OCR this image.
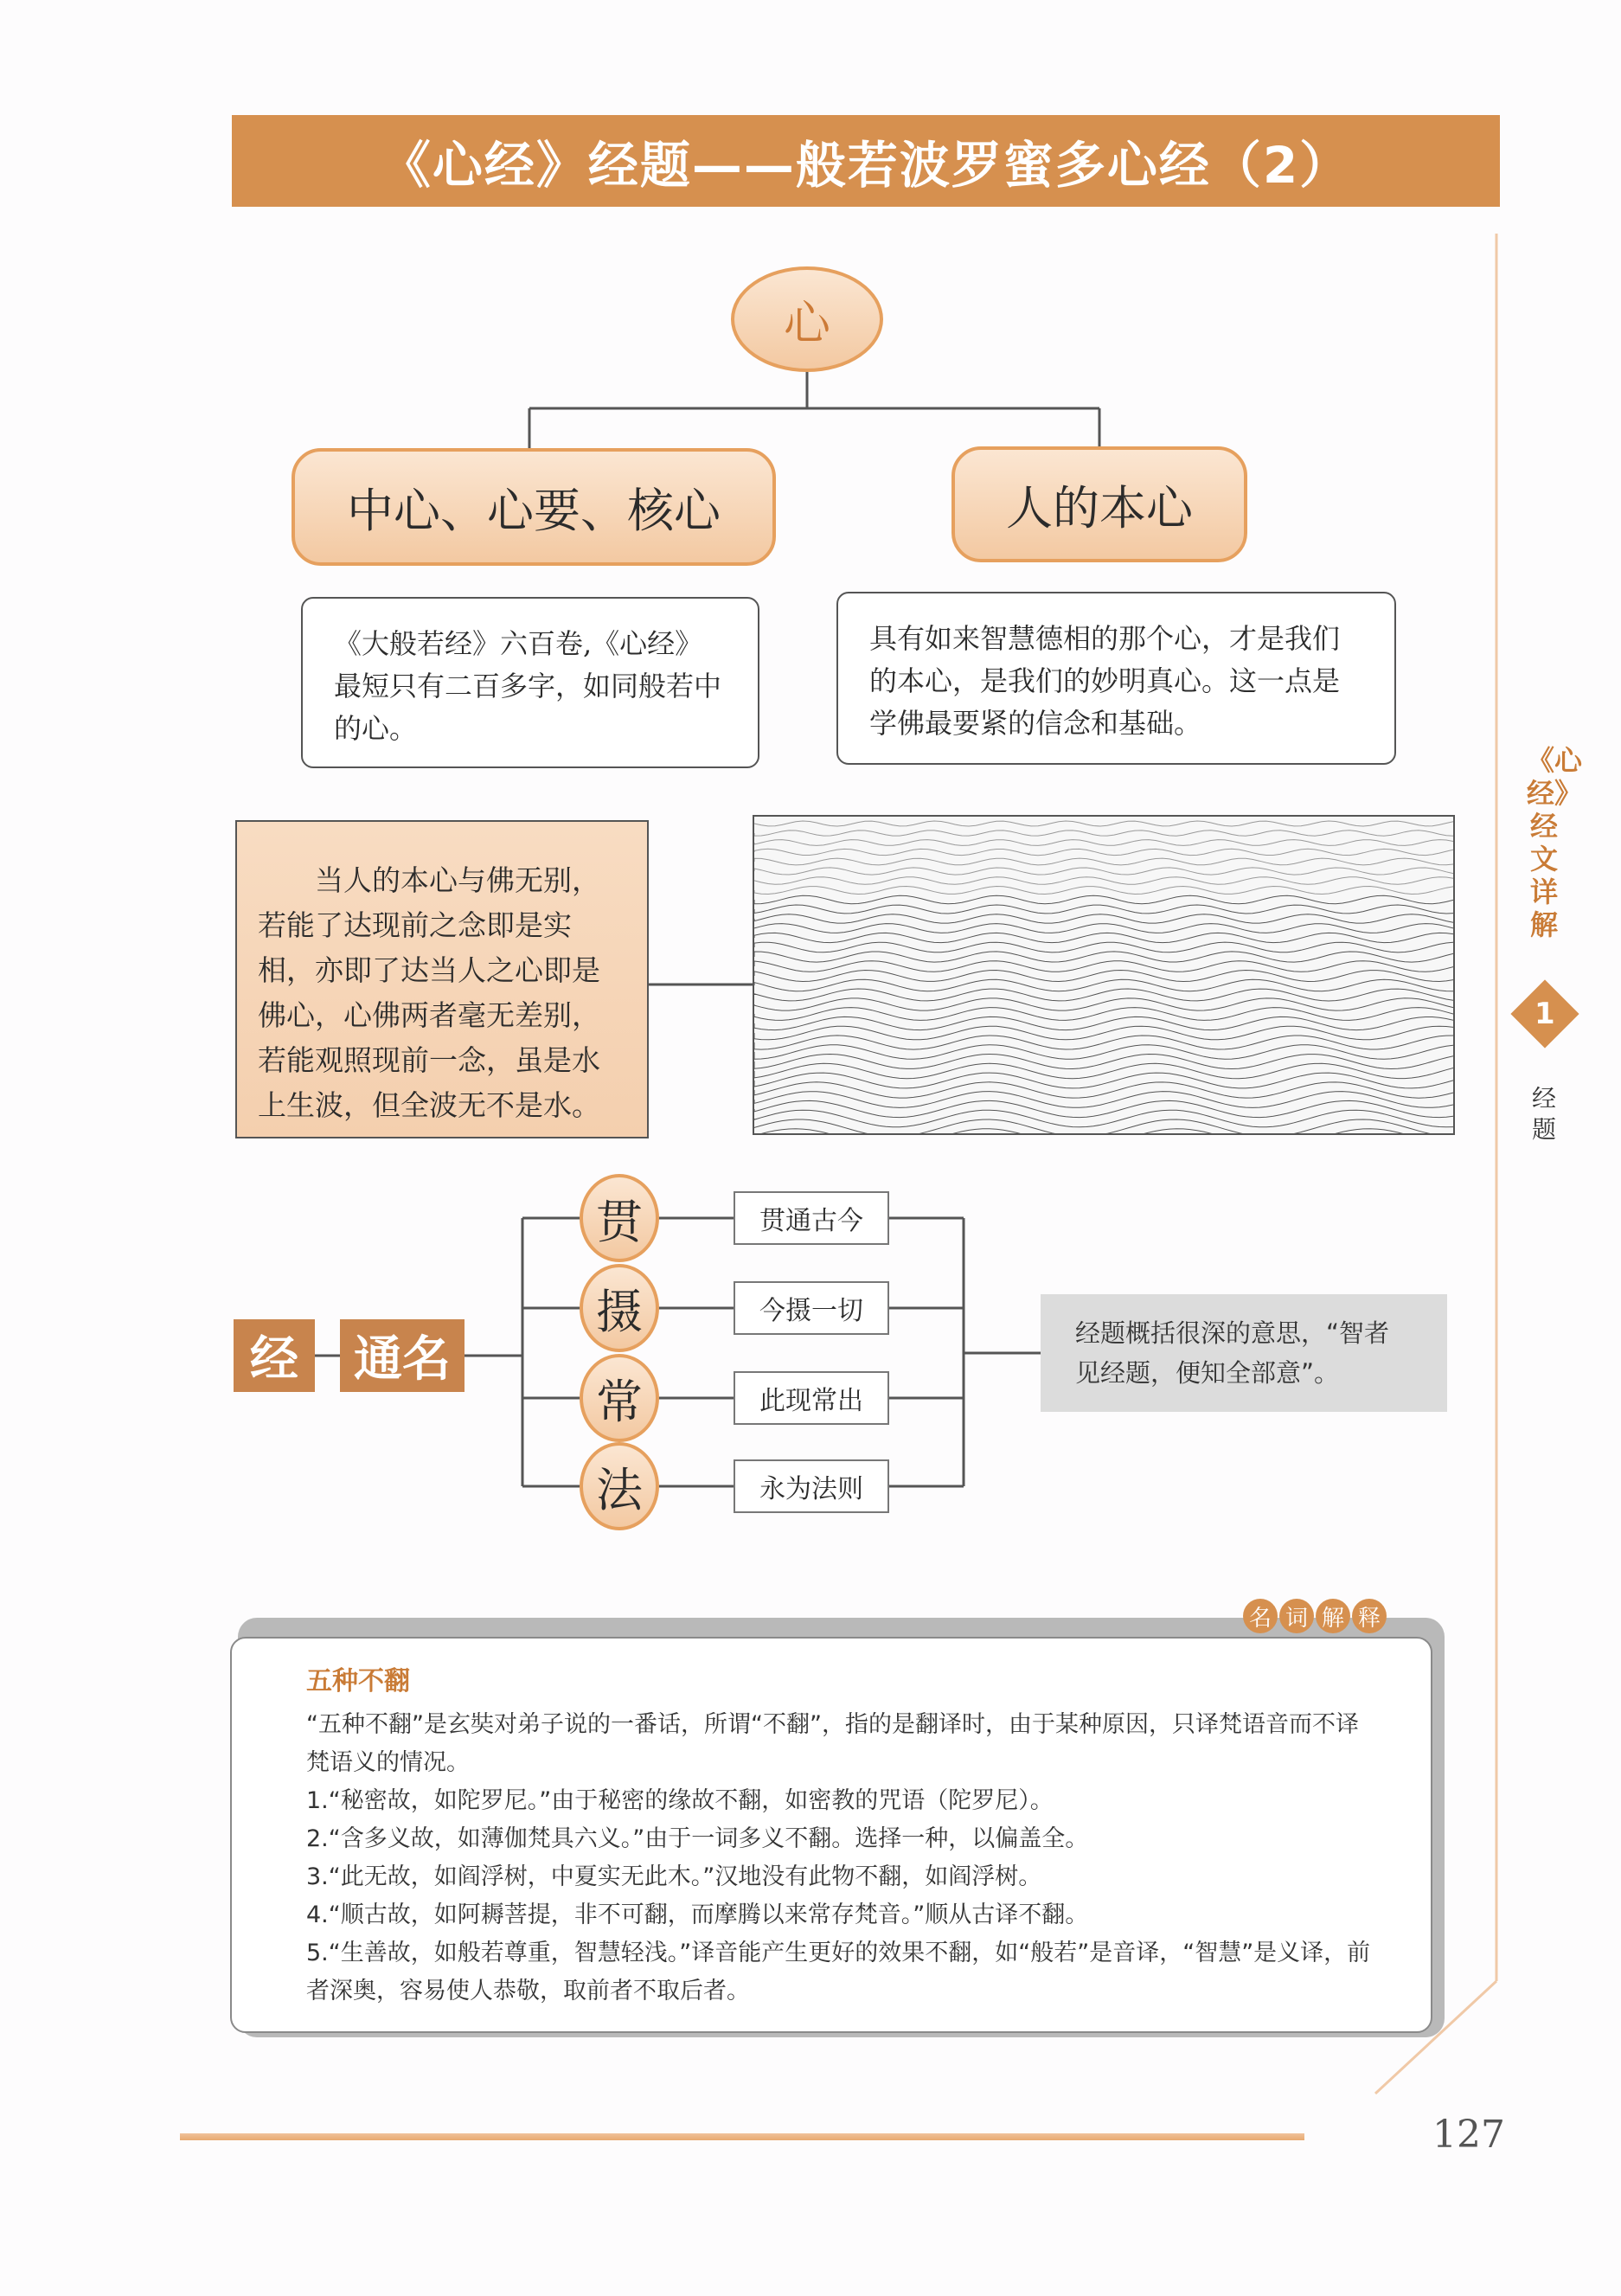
《心经》经题——般若波罗蜜多心经（2）
心
中心、心要、核心	人的本心
《大般若经》六百卷,《心经》最短只有二百多字，如同般若中的心。
具有如来智慧德相的那个心，才是我们的本心，是我们的妙明真心。这一点是学佛最要紧的信念和基础。
当人的本心与佛无别，若能了达现前之念即是实相，亦即了达当人之心即是佛心，心佛两者毫无差别，若能观照现前一念，虽是水上生波，但全波无不是水。
经	通名
贯
摄
常
法
贯通古今
今摄一切
此现常出
永为法则
经题概括很深的意思，“智者见经题，便知全部意”。
五种不翻
“五种不翻”是玄奘对弟子说的一番话，所谓“不翻”，指的是翻译时，由于某种原因，只译梵语音而不译梵语义的情况。
1.“秘密故，如陀罗尼。”由于秘密的缘故不翻，如密教的咒语（陀罗尼）。
2.“含多义故，如薄伽梵具六义。”由于一词多义不翻。选择一种，以偏盖全。
3.“此无故，如阎浮树，中夏实无此木。”汉地没有此物不翻，如阎浮树。
4.“顺古故，如阿耨菩提，非不可翻，而摩腾以来常存梵音。”顺从古译不翻。
5.“生善故，如般若尊重，智慧轻浅。”译音能产生更好的效果不翻，如“般若”是音译，“智慧”是义译，前者深奥，容易使人恭敬，取前者不取后者。
名 词 解 释
《心经》经文详解
1
经题
127
